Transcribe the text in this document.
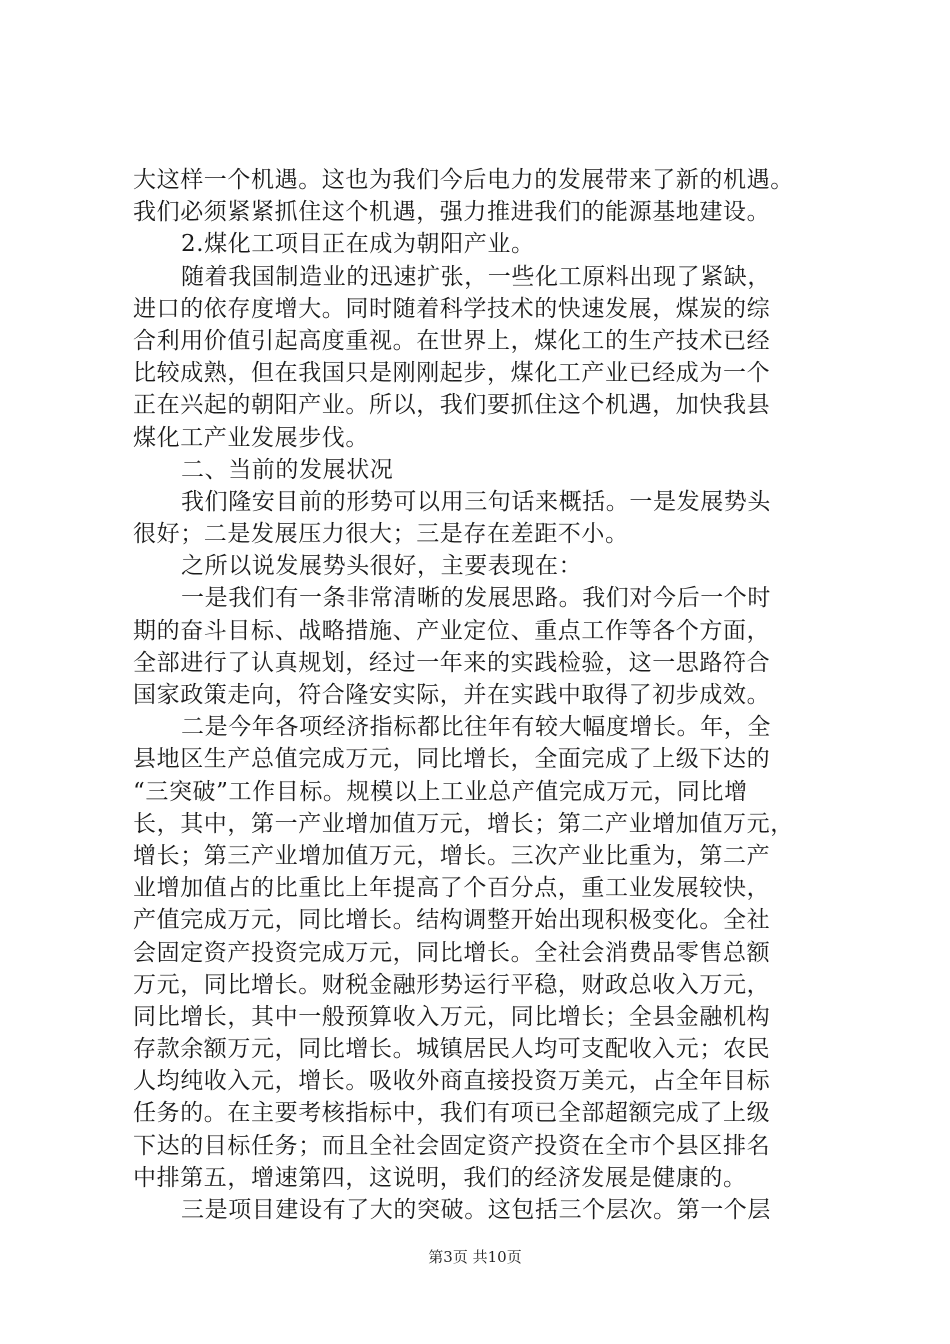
大这样一个机遇。这也为我们今后电力的发展带来了新的机遇。
我们必须紧紧抓住这个机遇，强力推进我们的能源基地建设。
2.煤化工项目正在成为朝阳产业。
随着我国制造业的迅速扩张，一些化工原料出现了紧缺，
进口的依存度增大。同时随着科学技术的快速发展，煤炭的综
合利用价值引起高度重视。在世界上，煤化工的生产技术已经
比较成熟，但在我国只是刚刚起步，煤化工产业已经成为一个
正在兴起的朝阳产业。所以，我们要抓住这个机遇，加快我县
煤化工产业发展步伐。
二、当前的发展状况
我们隆安目前的形势可以用三句话来概括。一是发展势头
很好；二是发展压力很大；三是存在差距不小。
之所以说发展势头很好，主要表现在：
一是我们有一条非常清晰的发展思路。我们对今后一个时
期的奋斗目标、战略措施、产业定位、重点工作等各个方面，
全部进行了认真规划，经过一年来的实践检验，这一思路符合
国家政策走向，符合隆安实际，并在实践中取得了初步成效。
二是今年各项经济指标都比往年有较大幅度增长。年，全
县地区生产总值完成万元，同比增长，全面完成了上级下达的
“三突破”工作目标。规模以上工业总产值完成万元，同比增
长，其中，第一产业增加值万元，增长；第二产业增加值万元，
增长；第三产业增加值万元，增长。三次产业比重为，第二产
业增加值占的比重比上年提高了个百分点，重工业发展较快，
产值完成万元，同比增长。结构调整开始出现积极变化。全社
会固定资产投资完成万元，同比增长。全社会消费品零售总额
万元，同比增长。财税金融形势运行平稳，财政总收入万元，
同比增长，其中一般预算收入万元，同比增长；全县金融机构
存款余额万元，同比增长。城镇居民人均可支配收入元；农民
人均纯收入元，增长。吸收外商直接投资万美元，占全年目标
任务的。在主要考核指标中，我们有项已全部超额完成了上级
下达的目标任务；而且全社会固定资产投资在全市个县区排名
中排第五，增速第四，这说明，我们的经济发展是健康的。
三是项目建设有了大的突破。这包括三个层次。第一个层
第3页 共10页
